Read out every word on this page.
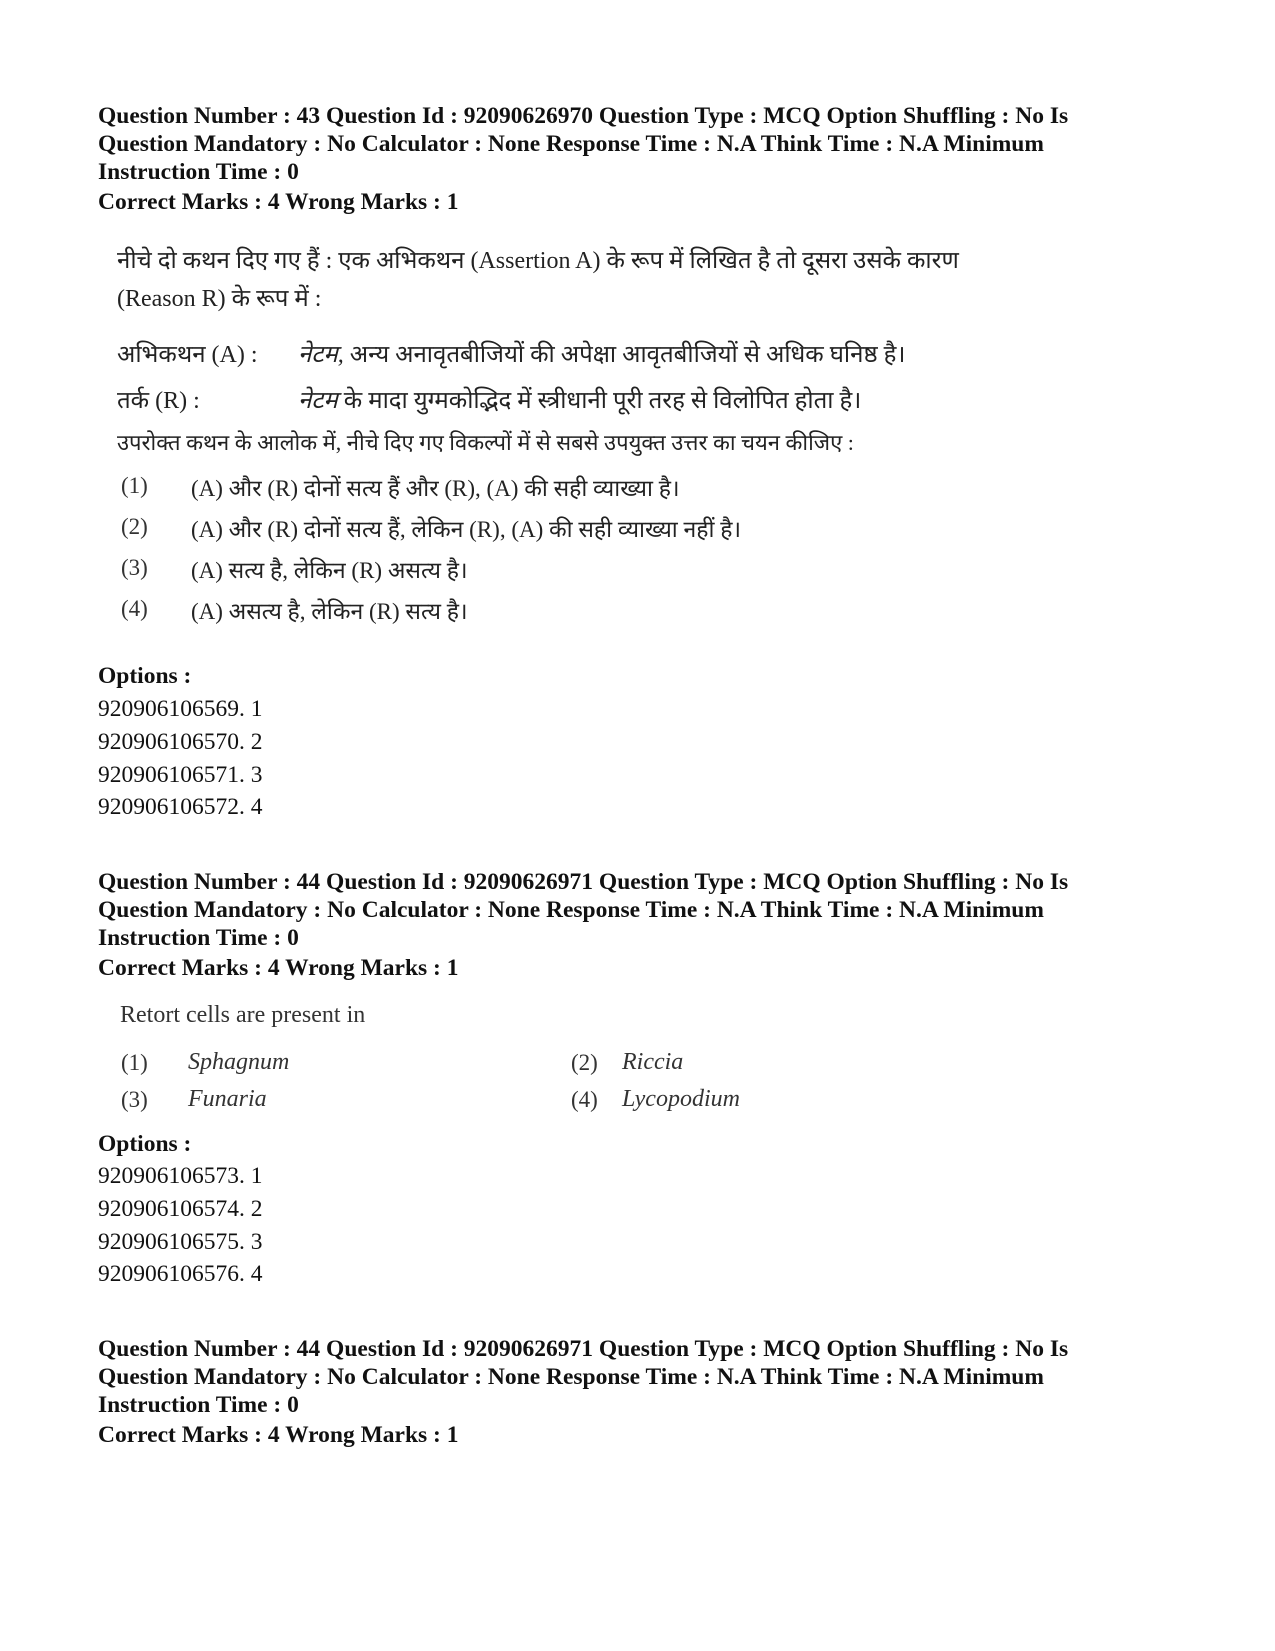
Question Number : 43 Question Id : 92090626970 Question Type : MCQ Option Shuffling : No Is
Question Mandatory : No Calculator : None Response Time : N.A Think Time : N.A Minimum
Instruction Time : 0
Correct Marks : 4 Wrong Marks : 1
नीचे दो कथन दिए गए हैं : एक अभिकथन (Assertion A) के रूप में लिखित है तो दूसरा उसके कारण
(Reason R) के रूप में :
अभिकथन (A) : नेटम, अन्य अनावृतबीजियों की अपेक्षा आवृतबीजियों से अधिक घनिष्ठ है।
तर्क (R) :	नेटम के मादा युग्मकोद्भिद में स्त्रीधानी पूरी तरह से विलोपित होता है।
उपरोक्त कथन के आलोक में, नीचे दिए गए विकल्पों में से सबसे उपयुक्त उत्तर का चयन कीजिए :
(1) (A) और (R) दोनों सत्य हैं और (R), (A) की सही व्याख्या है।
(2) (A) और (R) दोनों सत्य हैं, लेकिन (R), (A) की सही व्याख्या नहीं है।
(3) (A) सत्य है, लेकिन (R) असत्य है।
(4) (A) असत्य है, लेकिन (R) सत्य है।
Options :
920906106569. 1
920906106570. 2
920906106571. 3
920906106572. 4
Question Number : 44 Question Id : 92090626971 Question Type : MCQ Option Shuffling : No Is
Question Mandatory : No Calculator : None Response Time : N.A Think Time : N.A Minimum
Instruction Time : 0
Correct Marks : 4 Wrong Marks : 1
Retort cells are present in
(1) Sphagnum	(2) Riccia
(3) Funaria	(4) Lycopodium
Options :
920906106573. 1
920906106574. 2
920906106575. 3
920906106576. 4
Question Number : 44 Question Id : 92090626971 Question Type : MCQ Option Shuffling : No Is
Question Mandatory : No Calculator : None Response Time : N.A Think Time : N.A Minimum
Instruction Time : 0
Correct Marks : 4 Wrong Marks : 1
